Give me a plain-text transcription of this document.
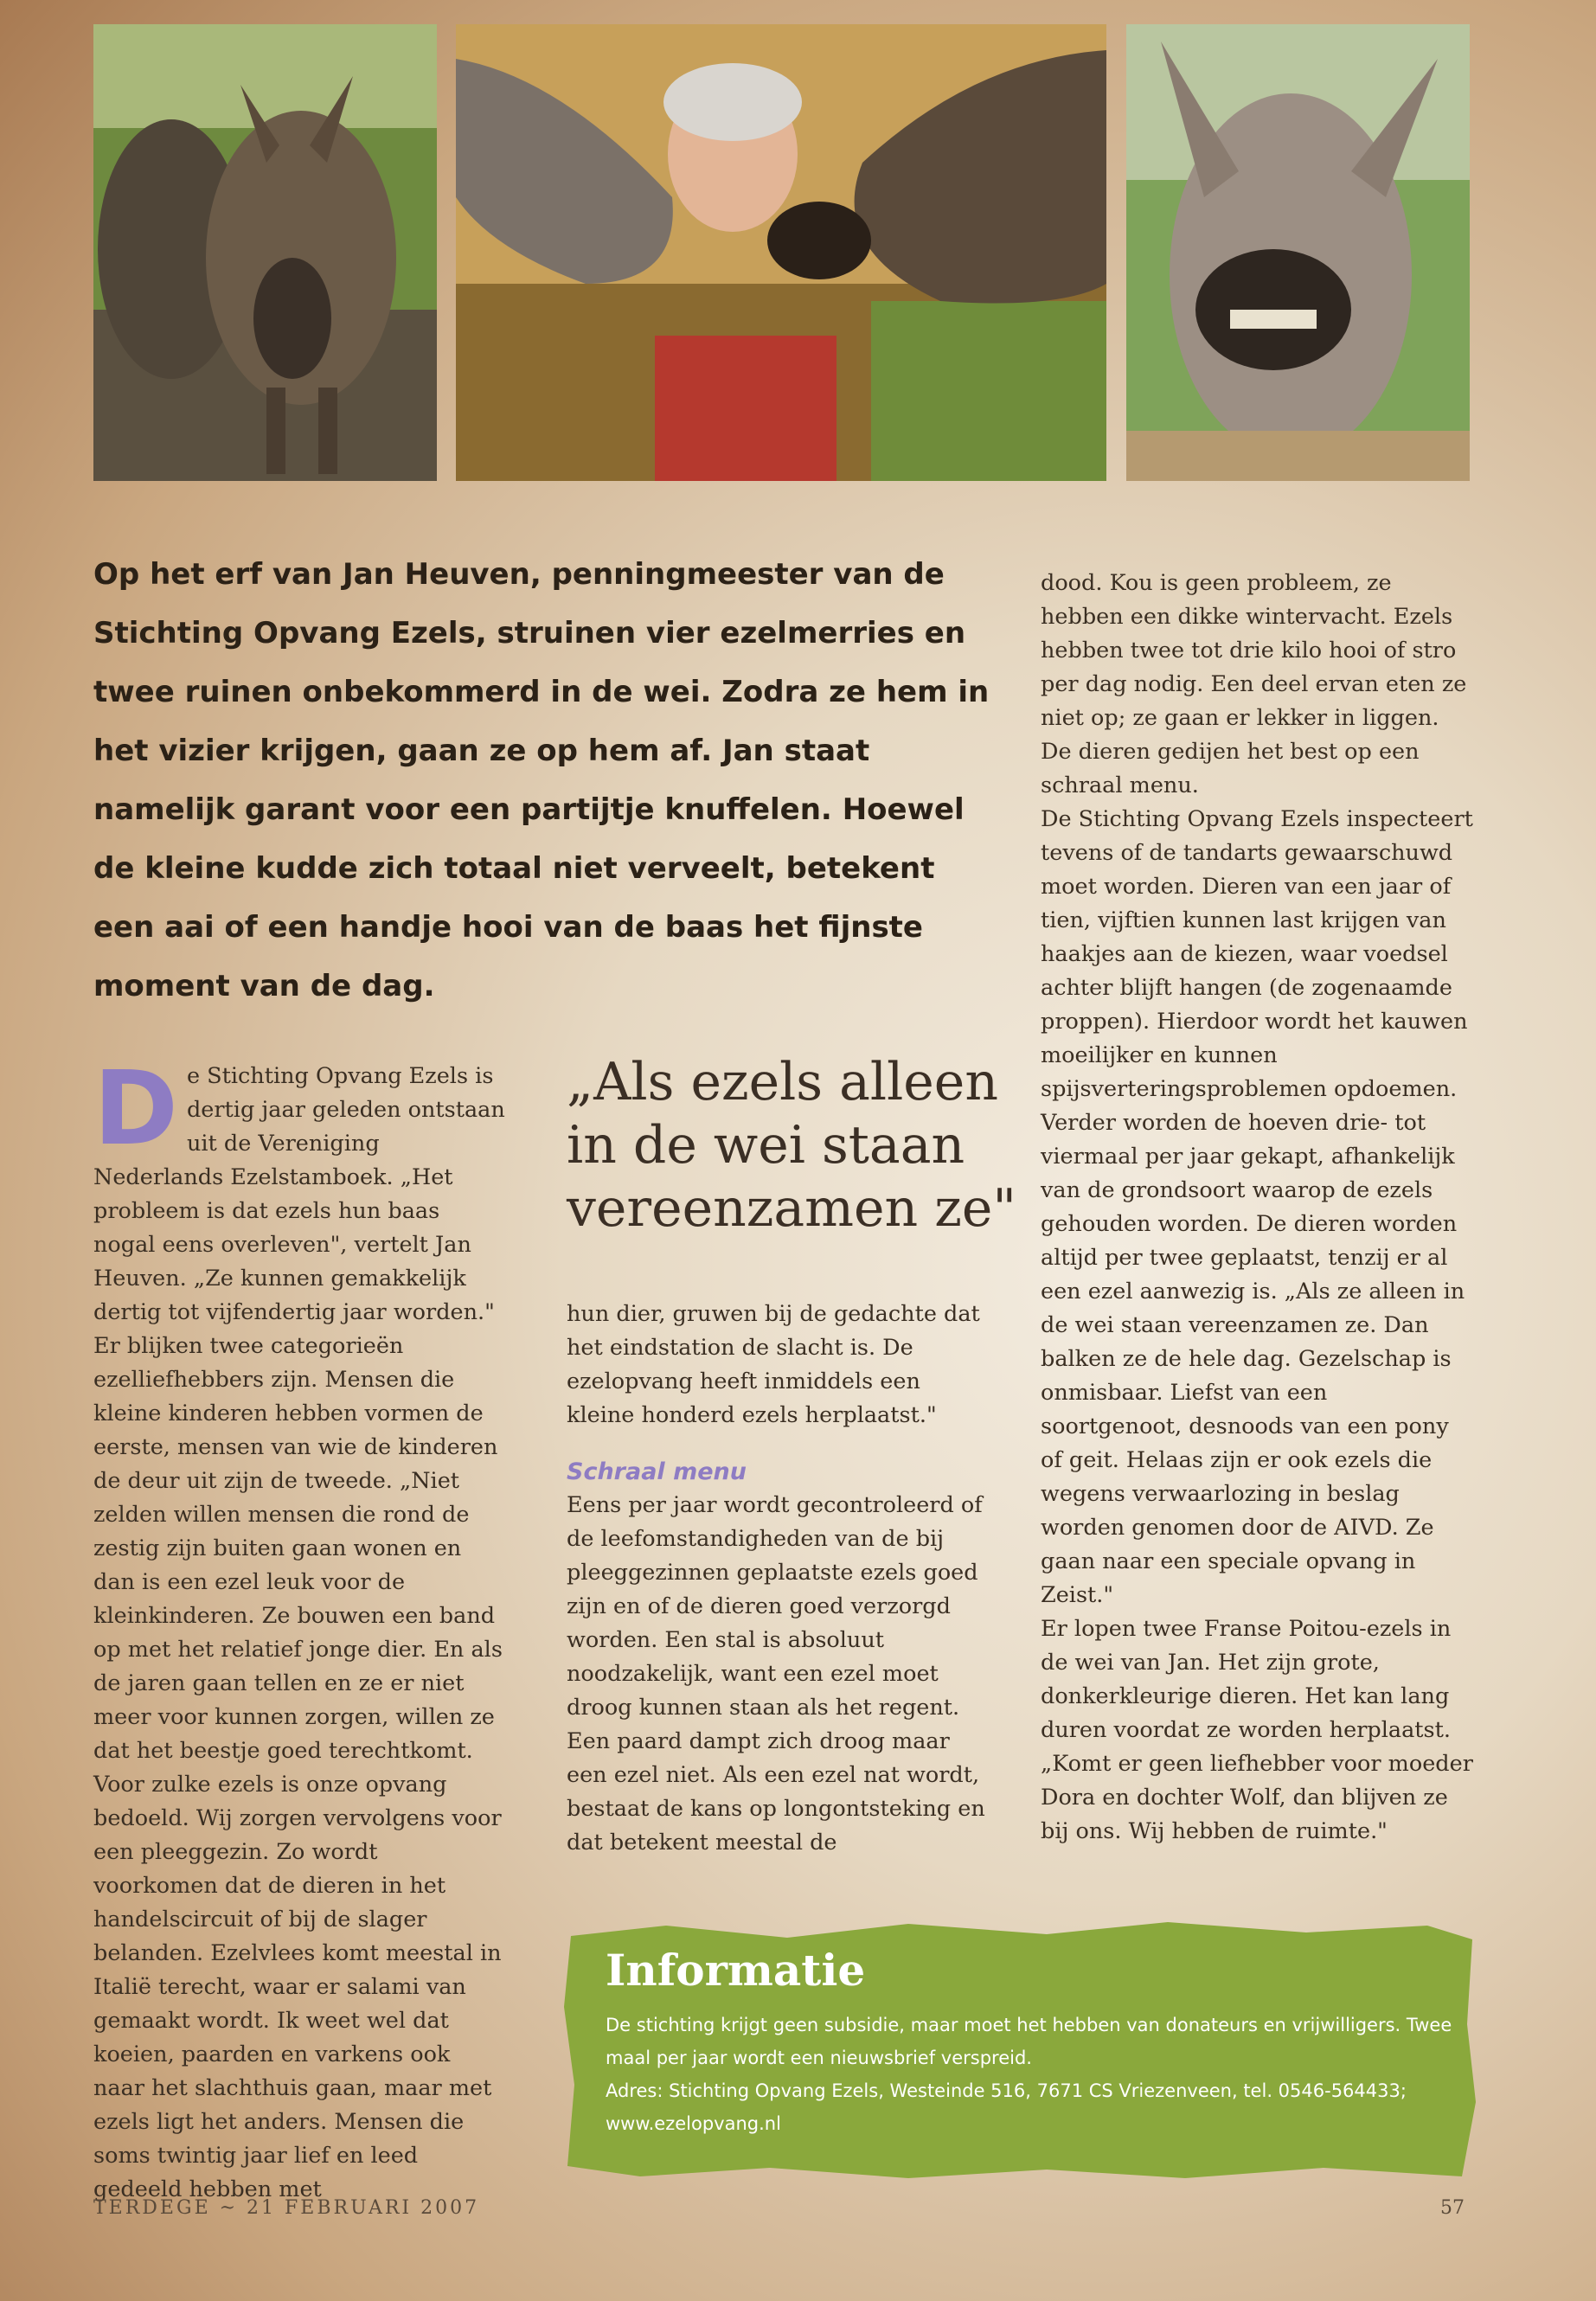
Op het erf van Jan Heuven, penningmeester van de Stichting Opvang Ezels, struinen vier ezelmerries en twee ruinen onbekommerd in de wei. Zodra ze hem in het vizier krijgen, gaan ze op hem af. Jan staat namelijk garant voor een partijtje knuffelen. Hoewel de kleine kudde zich totaal niet verveelt, betekent een aai of een handje hooi van de baas het fijnste moment van de dag.

D e Stichting Opvang Ezels is dertig jaar geleden ontstaan uit de Vereniging Nederlands Ezelstamboek. „Het probleem is dat ezels hun baas nogal eens overleven", vertelt Jan Heuven. „Ze kunnen gemakkelijk dertig tot vijfendertig jaar worden."

Er blijken twee categorieën ezelliefhebbers zijn. Mensen die kleine kinderen hebben vormen de eerste, mensen van wie de kinderen de deur uit zijn de tweede. „Niet zelden willen mensen die rond de zestig zijn buiten gaan wonen en dan is een ezel leuk voor de kleinkinderen. Ze bouwen een band op met het relatief jonge dier. En als de jaren gaan tellen en ze er niet meer voor kunnen zorgen, willen ze dat het beestje goed terechtkomt. Voor zulke ezels is onze opvang bedoeld. Wij zorgen vervolgens voor een pleeggezin. Zo wordt voorkomen dat de dieren in het handelscircuit of bij de slager belanden. Ezelvlees komt meestal in Italië terecht, waar er salami van gemaakt wordt. Ik weet wel dat koeien, paarden en varkens ook naar het slachthuis gaan, maar met ezels ligt het anders. Mensen die soms twintig jaar lief en leed gedeeld hebben met

„Als ezels alleen
in de wei staan
vereenzamen ze"

hun dier, gruwen bij de gedachte dat het eindstation de slacht is. De ezelopvang heeft inmiddels een kleine honderd ezels herplaatst."

Schraal menu

Eens per jaar wordt gecontroleerd of de leefomstandigheden van de bij pleeggezinnen geplaatste ezels goed zijn en of de dieren goed verzorgd worden. Een stal is absoluut noodzakelijk, want een ezel moet droog kunnen staan als het regent. Een paard dampt zich droog maar een ezel niet. Als een ezel nat wordt, bestaat de kans op longontsteking en dat betekent meestal de

dood. Kou is geen probleem, ze hebben een dikke wintervacht. Ezels hebben twee tot drie kilo hooi of stro per dag nodig. Een deel ervan eten ze niet op; ze gaan er lekker in liggen. De dieren gedijen het best op een schraal menu.

De Stichting Opvang Ezels inspecteert tevens of de tandarts gewaarschuwd moet worden. Dieren van een jaar of tien, vijftien kunnen last krijgen van haakjes aan de kiezen, waar voedsel achter blijft hangen (de zogenaamde proppen). Hierdoor wordt het kauwen moeilijker en kunnen spijsverteringsproblemen opdoemen. Verder worden de hoeven drie- tot viermaal per jaar gekapt, afhankelijk van de grondsoort waarop de ezels gehouden worden. De dieren worden altijd per twee geplaatst, tenzij er al een ezel aanwezig is. „Als ze alleen in de wei staan vereenzamen ze. Dan balken ze de hele dag. Gezelschap is onmisbaar. Liefst van een soortgenoot, desnoods van een pony of geit. Helaas zijn er ook ezels die wegens verwaarlozing in beslag worden genomen door de AIVD. Ze gaan naar een speciale opvang in Zeist."

Er lopen twee Franse Poitou-ezels in de wei van Jan. Het zijn grote, donkerkleurige dieren. Het kan lang duren voordat ze worden herplaatst. „Komt er geen liefhebber voor moeder Dora en dochter Wolf, dan blijven ze bij ons. Wij hebben de ruimte."

Informatie

De stichting krijgt geen subsidie, maar moet het hebben van donateurs en vrijwilligers. Twee maal per jaar wordt een nieuwsbrief verspreid.

Adres: Stichting Opvang Ezels, Westeinde 516, 7671 CS Vriezenveen, tel. 0546-564433; www.ezelopvang.nl

TERDEGE ~ 21 FEBRUARI 2007	57
